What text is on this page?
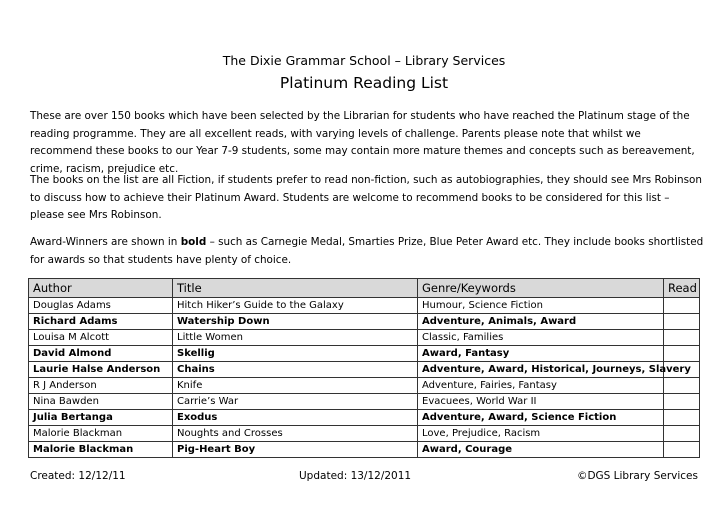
The Dixie Grammar School – Library Services
Platinum Reading List
These are over 150 books which have been selected by the Librarian for students who have reached the Platinum stage of the reading programme. They are all excellent reads, with varying levels of challenge. Parents please note that whilst we recommend these books to our Year 7-9 students, some may contain more mature themes and concepts such as bereavement, crime, racism, prejudice etc.
The books on the list are all Fiction, if students prefer to read non-fiction, such as autobiographies, they should see Mrs Robinson to discuss how to achieve their Platinum Award. Students are welcome to recommend books to be considered for this list – please see Mrs Robinson.
Award-Winners are shown in bold – such as Carnegie Medal, Smarties Prize, Blue Peter Award etc. They include books shortlisted for awards so that students have plenty of choice.
Author	Title	Genre/Keywords	Read
Douglas Adams	Hitch Hiker’s Guide to the Galaxy	Humour, Science Fiction	
Richard Adams	Watership Down	Adventure, Animals, Award	
Louisa M Alcott	Little Women	Classic, Families	
David Almond	Skellig	Award, Fantasy	
Laurie Halse Anderson	Chains	Adventure, Award, Historical, Journeys, Slavery	
R J Anderson	Knife	Adventure, Fairies, Fantasy	
Nina Bawden	Carrie’s War	Evacuees, World War II	
Julia Bertanga	Exodus	Adventure, Award, Science Fiction	
Malorie Blackman	Noughts and Crosses	Love, Prejudice, Racism	
Malorie Blackman	Pig-Heart Boy	Award, Courage	
Created: 12/12/11	Updated: 13/12/2011	©DGS Library Services
